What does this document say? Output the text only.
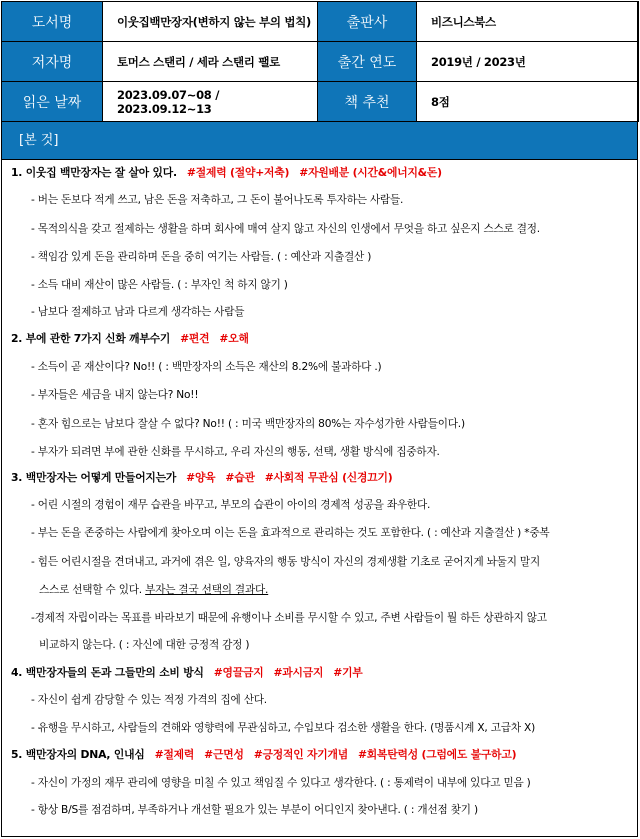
도서명	이웃집백만장자(변하지 않는 부의 법칙)	출판사	비즈니스북스
저자명	토머스 스탠리 / 세라 스탠리 팰로	출간 연도	2019년 / 2023년
읽은 날짜	2023.09.07~08 / 2023.09.12~13	책 추천	8점
[본 것]
1. 이웃집 백만장자는 잘 살아 있다. #절제력 (절약+저축) #자원배분 (시간&에너지&돈)
- 버는 돈보다 적게 쓰고, 남은 돈을 저축하고, 그 돈이 불어나도록 투자하는 사람들.
- 목적의식을 갖고 절제하는 생활을 하며 회사에 매여 살지 않고 자신의 인생에서 무엇을 하고 싶은지 스스로 결정.
- 책임감 있게 돈을 관리하며 돈을 중히 여기는 사람들. ( : 예산과 지출결산 )
- 소득 대비 재산이 많은 사람들. ( : 부자인 척 하지 않기 )
- 남보다 절제하고 남과 다르게 생각하는 사람들
2. 부에 관한 7가지 신화 깨부수기 #편견 #오해
- 소득이 곧 재산이다? No!! ( : 백만장자의 소득은 재산의 8.2%에 불과하다 .)
- 부자들은 세금을 내지 않는다? No!!
- 혼자 힘으로는 남보다 잘살 수 없다? No!! ( : 미국 백만장자의 80%는 자수성가한 사람들이다.)
- 부자가 되려면 부에 관한 신화를 무시하고, 우리 자신의 행동, 선택, 생활 방식에 집중하자.
3. 백만장자는 어떻게 만들어지는가 #양육 #습관 #사회적 무관심 (신경끄기)
- 어린 시절의 경험이 재무 습관을 바꾸고, 부모의 습관이 아이의 경제적 성공을 좌우한다.
- 부는 돈을 존중하는 사람에게 찾아오며 이는 돈을 효과적으로 관리하는 것도 포함한다. ( : 예산과 지출결산 ) *중복
- 힘든 어린시절을 견뎌내고, 과거에 겪은 일, 양육자의 행동 방식이 자신의 경제생활 기초로 굳어지게 놔둘지 말지
스스로 선택할 수 있다. 부자는 결국 선택의 결과다.
-경제적 자립이라는 목표를 바라보기 때문에 유행이나 소비를 무시할 수 있고, 주변 사람들이 뭘 하든 상관하지 않고
비교하지 않는다. ( : 자신에 대한 긍정적 감정 )
4. 백만장자들의 돈과 그들만의 소비 방식 #영끌금지 #과시금지 #기부
- 자신이 쉽게 감당할 수 있는 적정 가격의 집에 산다.
- 유행을 무시하고, 사람들의 견해와 영향력에 무관심하고, 수입보다 검소한 생활을 한다. (명품시계 X, 고급차 X)
5. 백만장자의 DNA, 인내심 #절제력 #근면성 #긍정적인 자기개념 #회복탄력성 (그럼에도 불구하고)
- 자신이 가정의 재무 관리에 영향을 미칠 수 있고 책임질 수 있다고 생각한다. ( : 통제력이 내부에 있다고 믿음 )
- 항상 B/S를 점검하며, 부족하거나 개선할 필요가 있는 부분이 어디인지 찾아낸다. ( : 개선점 찾기 )
